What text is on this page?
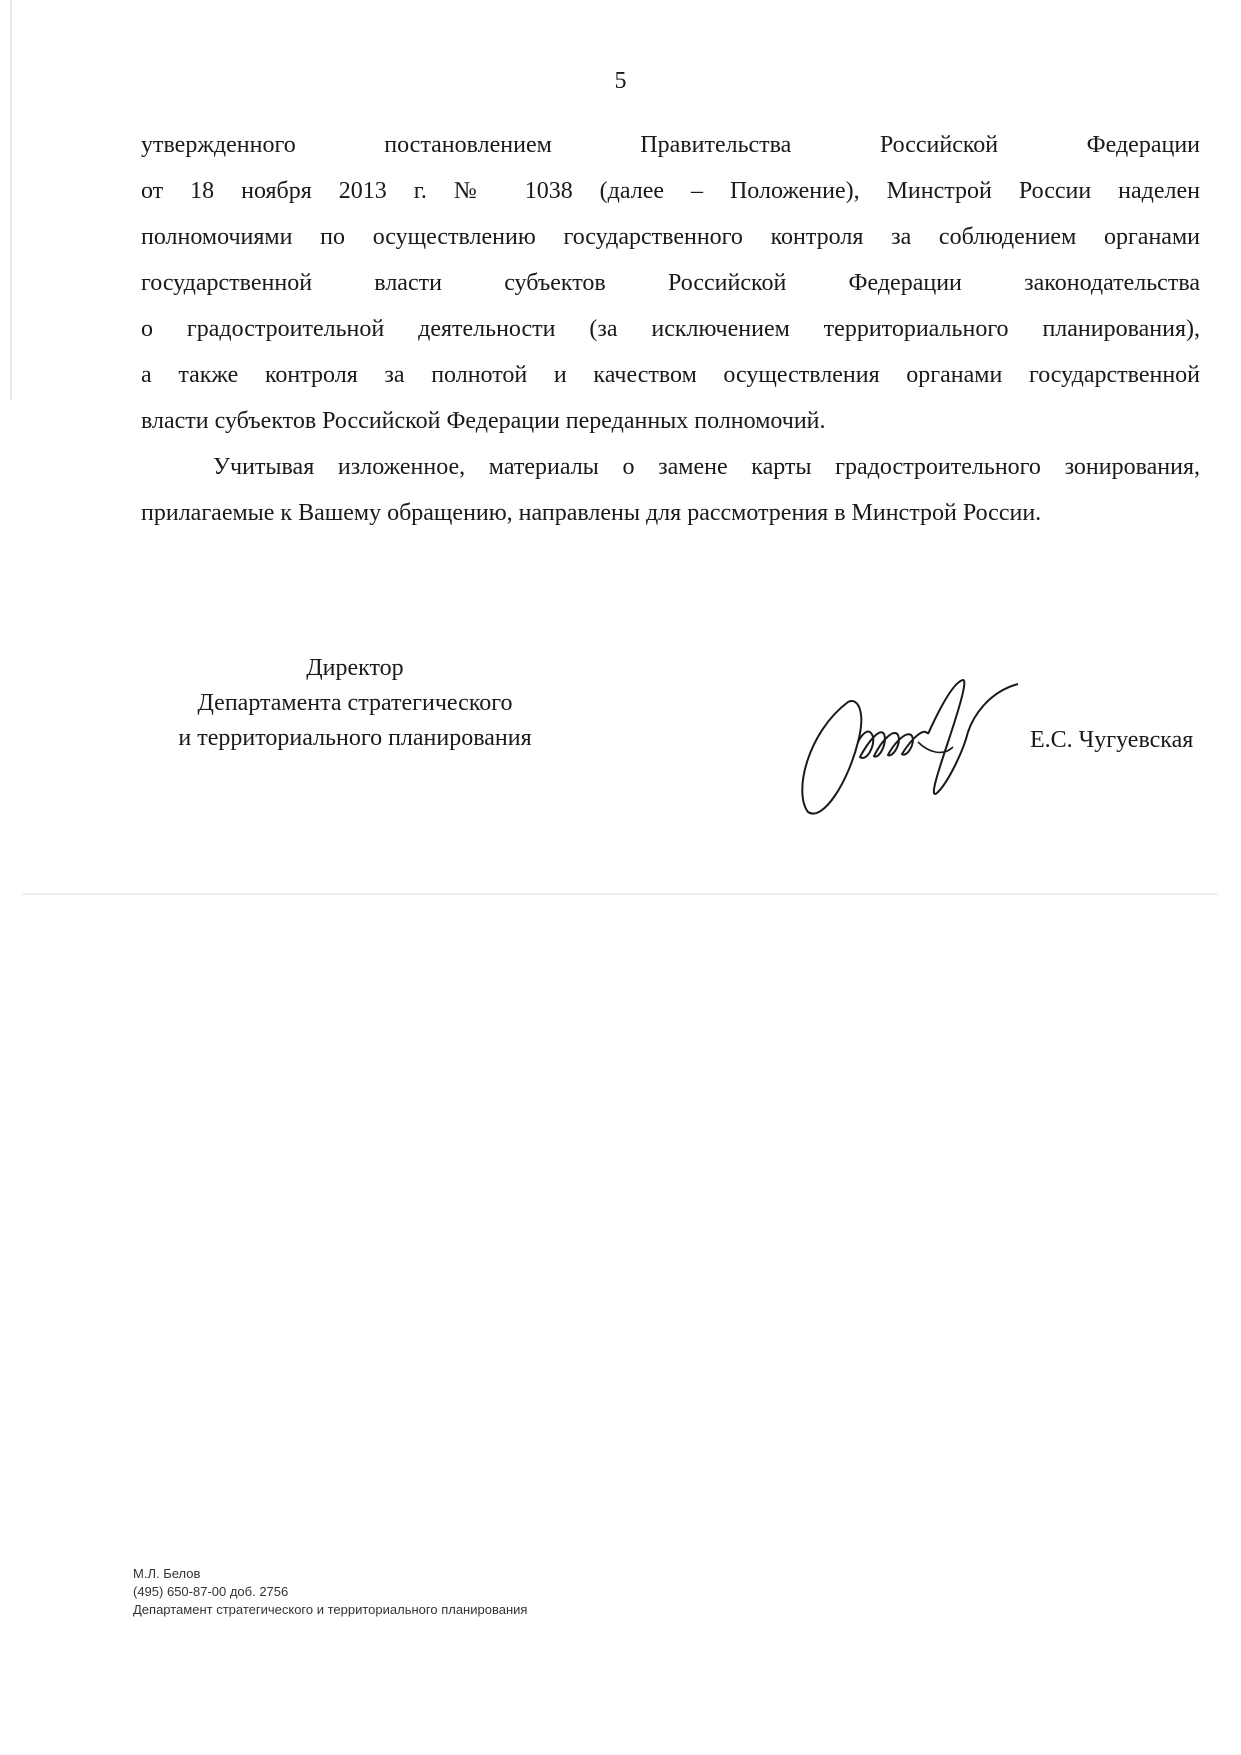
5

утвержденного постановлением Правительства Российской Федерации

от 18 ноября 2013 г. № 1038 (далее – Положение), Минстрой России наделен

полномочиями по осуществлению государственного контроля за соблюдением органами

государственной власти субъектов Российской Федерации законодательства

о градостроительной деятельности (за исключением территориального планирования),

а также контроля за полнотой и качеством осуществления органами государственной

власти субъектов Российской Федерации переданных полномочий.

Учитывая изложенное, материалы о замене карты градостроительного зонирования,

прилагаемые к Вашему обращению, направлены для рассмотрения в Минстрой России.

Директор
Департамента стратегического
и территориального планирования	Е.С. Чугуевская
М.Л. Белов
(495) 650-87-00 доб. 2756
Департамент стратегического и территориального планирования
